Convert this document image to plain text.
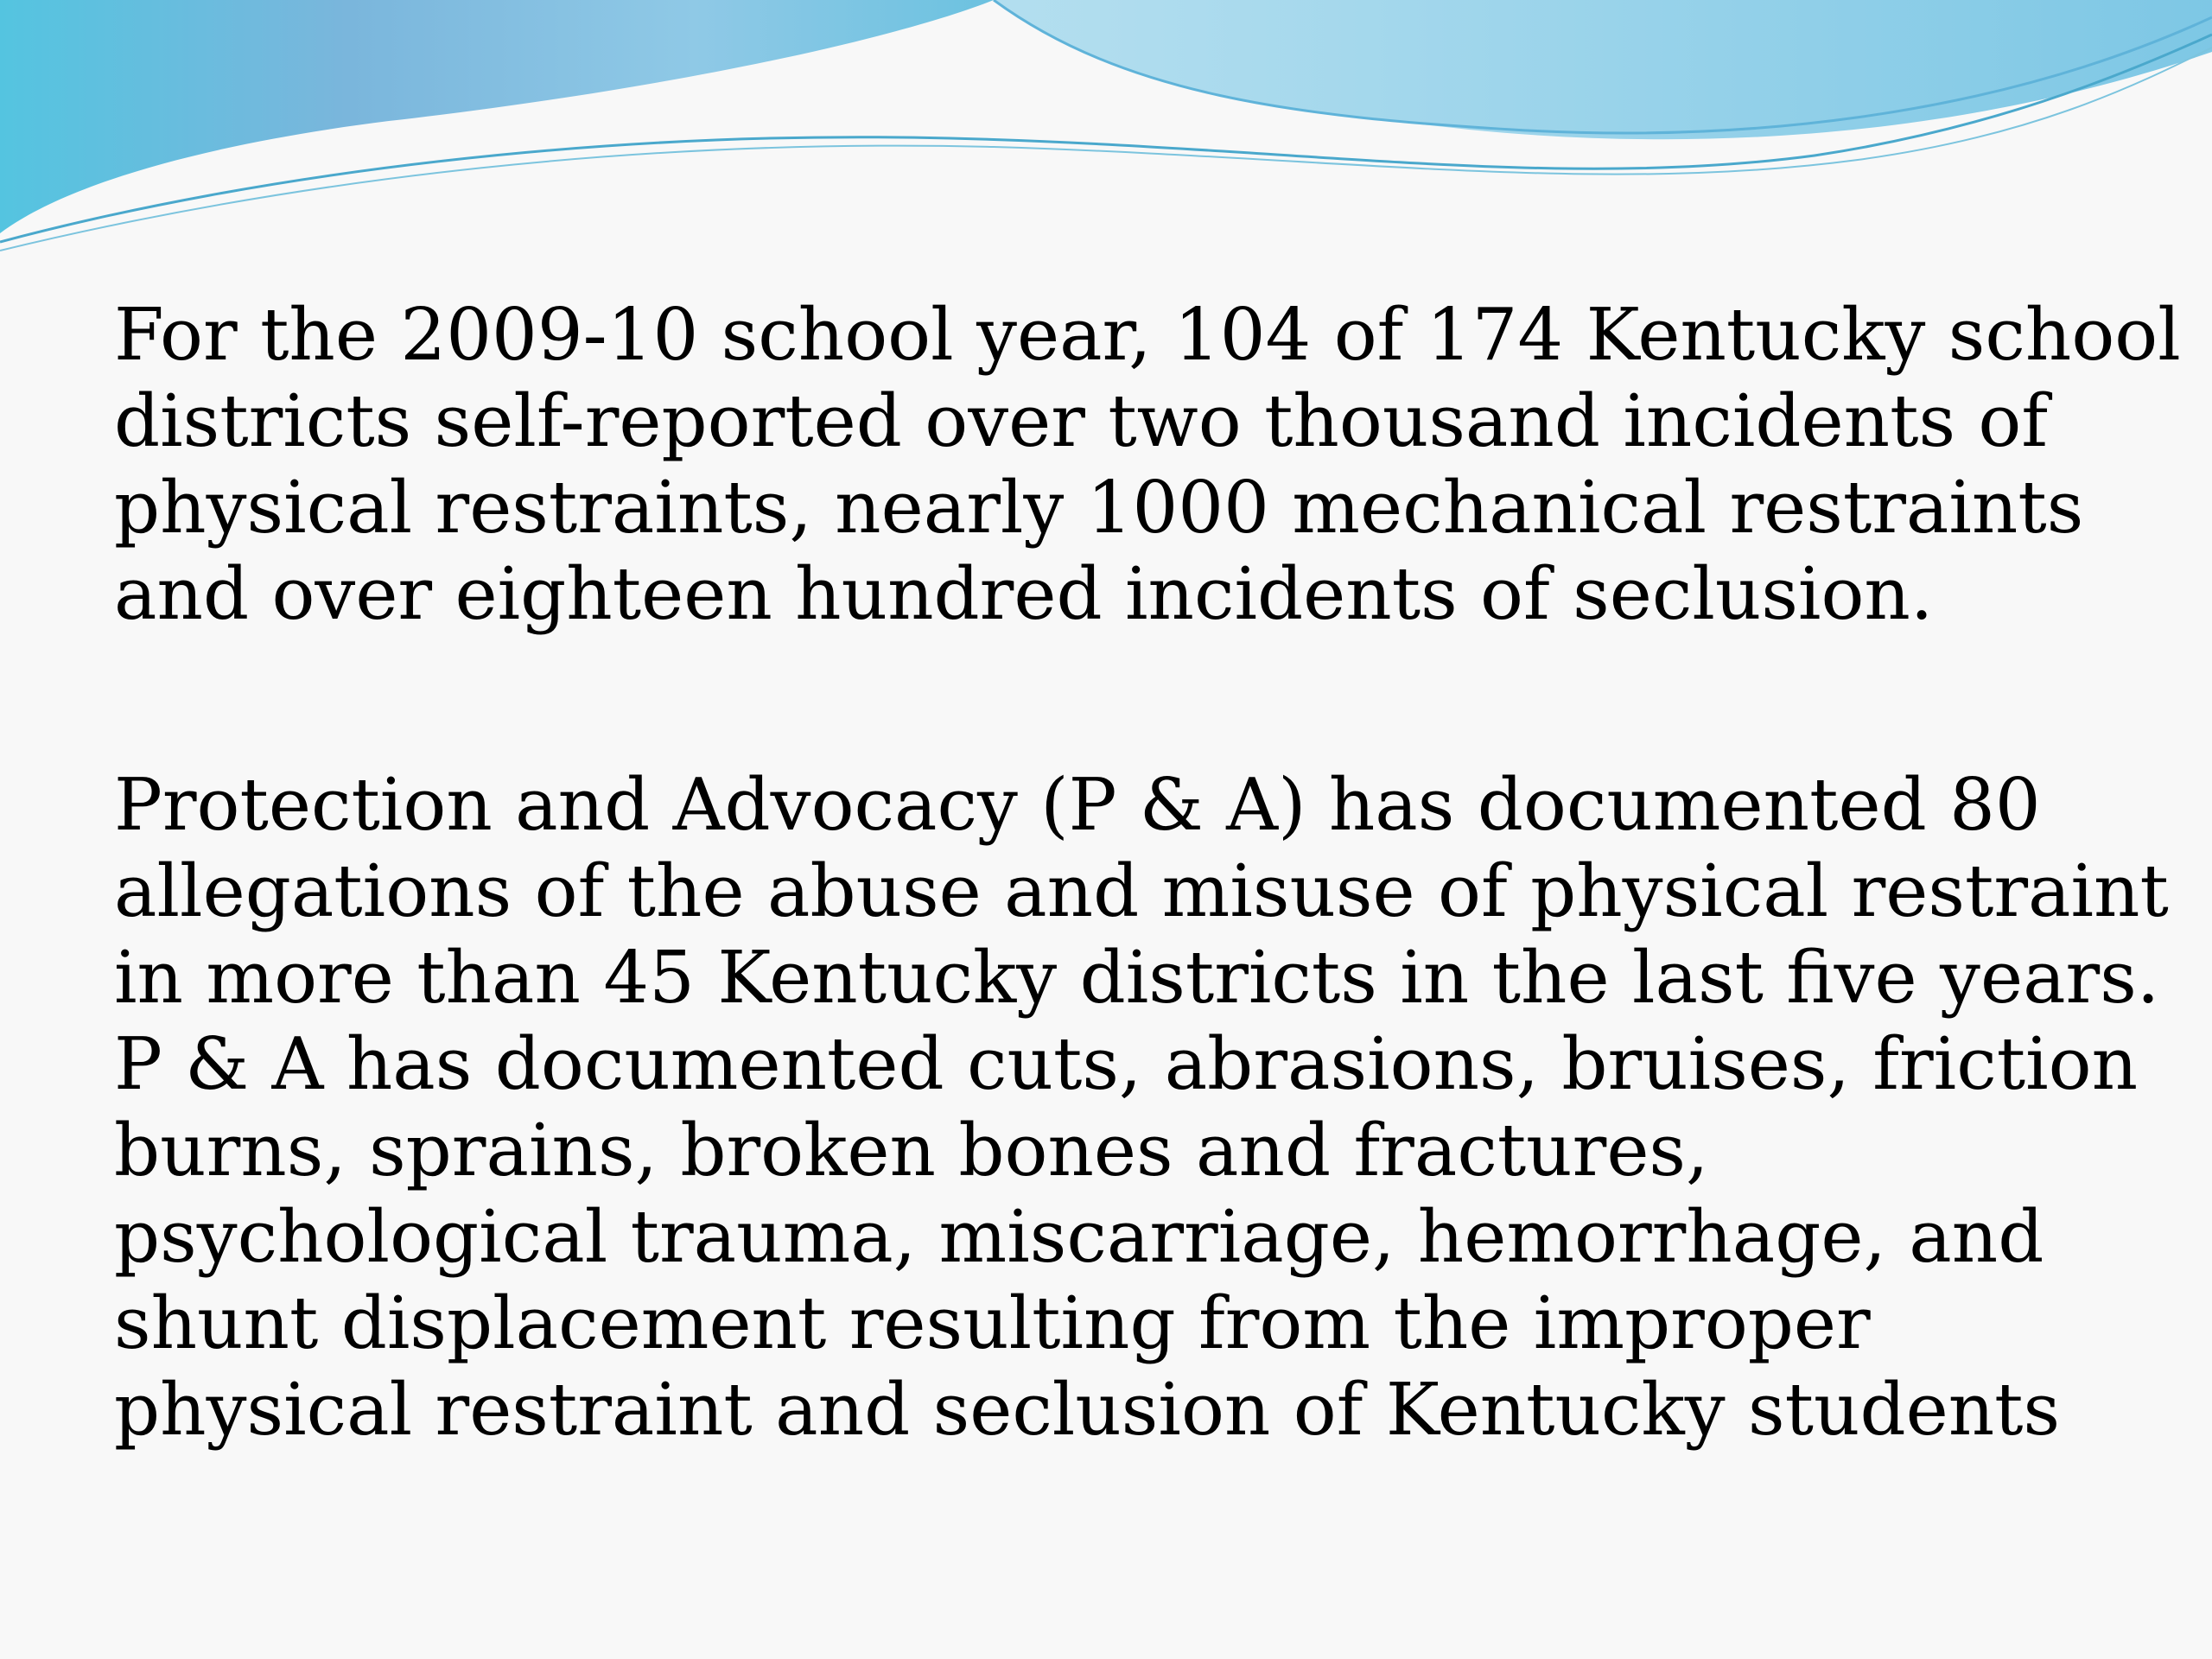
For the 2009-10 school year, 104 of 174 Kentucky school
districts self-reported over two thousand incidents of
physical restraints, nearly 1000 mechanical restraints
and over eighteen hundred incidents of seclusion.

Protection and Advocacy (P & A) has documented 80
allegations of the abuse and misuse of physical restraint
in more than 45 Kentucky districts in the last five years.
P & A has documented cuts, abrasions, bruises, friction
burns, sprains, broken bones and fractures,
psychological trauma, miscarriage, hemorrhage, and
shunt displacement resulting from the improper
physical restraint and seclusion of Kentucky students
